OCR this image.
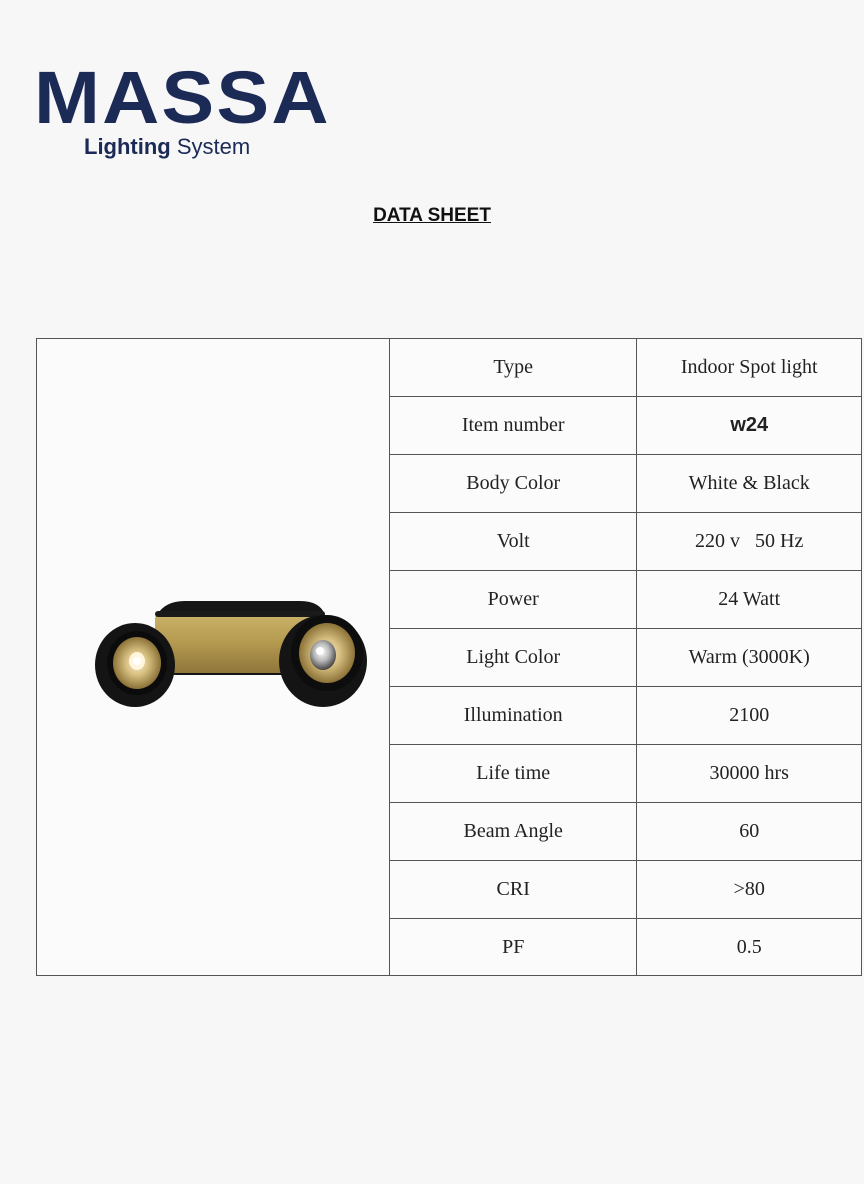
MASSA
Lighting System
DATA SHEET
Type	Indoor Spot light
Item number	w24
Body Color	White & Black
Volt	220 v   50 Hz
Power	24 Watt
Light Color	Warm (3000K)
Illumination	2100
Life time	30000 hrs
Beam Angle	60
CRI	>80
PF	0.5
